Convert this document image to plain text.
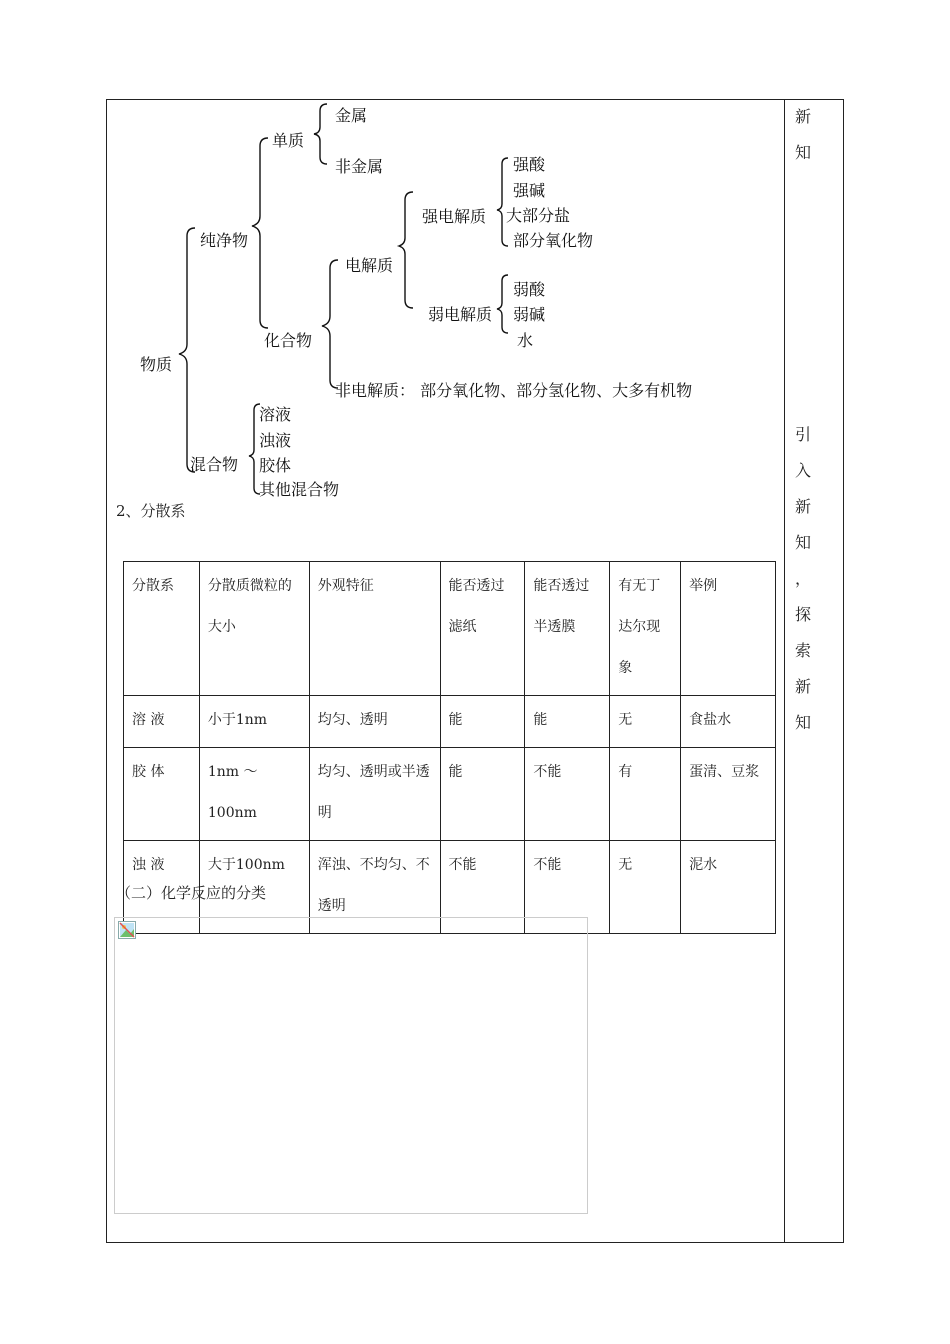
新
知
引
入
新
知
，
探
索
新
知
物质
纯净物
单质
金属
非金属
化合物
电解质
强电解质
强酸
强碱
大部分盐
部分氧化物
弱电解质
弱酸
弱碱
水
非电解质： 部分氧化物、部分氢化物、大多有机物
混合物
溶液
浊液
胶体
其他混合物
2、分散系
分散系	分散质微粒的大小	外观特征	能否透过滤纸	能否透过半透膜	有无丁达尔现象	举例
溶 液	小于1nm	均匀、透明	能	能	无	食盐水
胶 体	1nm ～ 100nm	均匀、透明或半透明	能	不能	有	蛋清、豆浆
浊 液	大于100nm	浑浊、不均匀、不透明	不能	不能	无	泥水
（二）化学反应的分类
